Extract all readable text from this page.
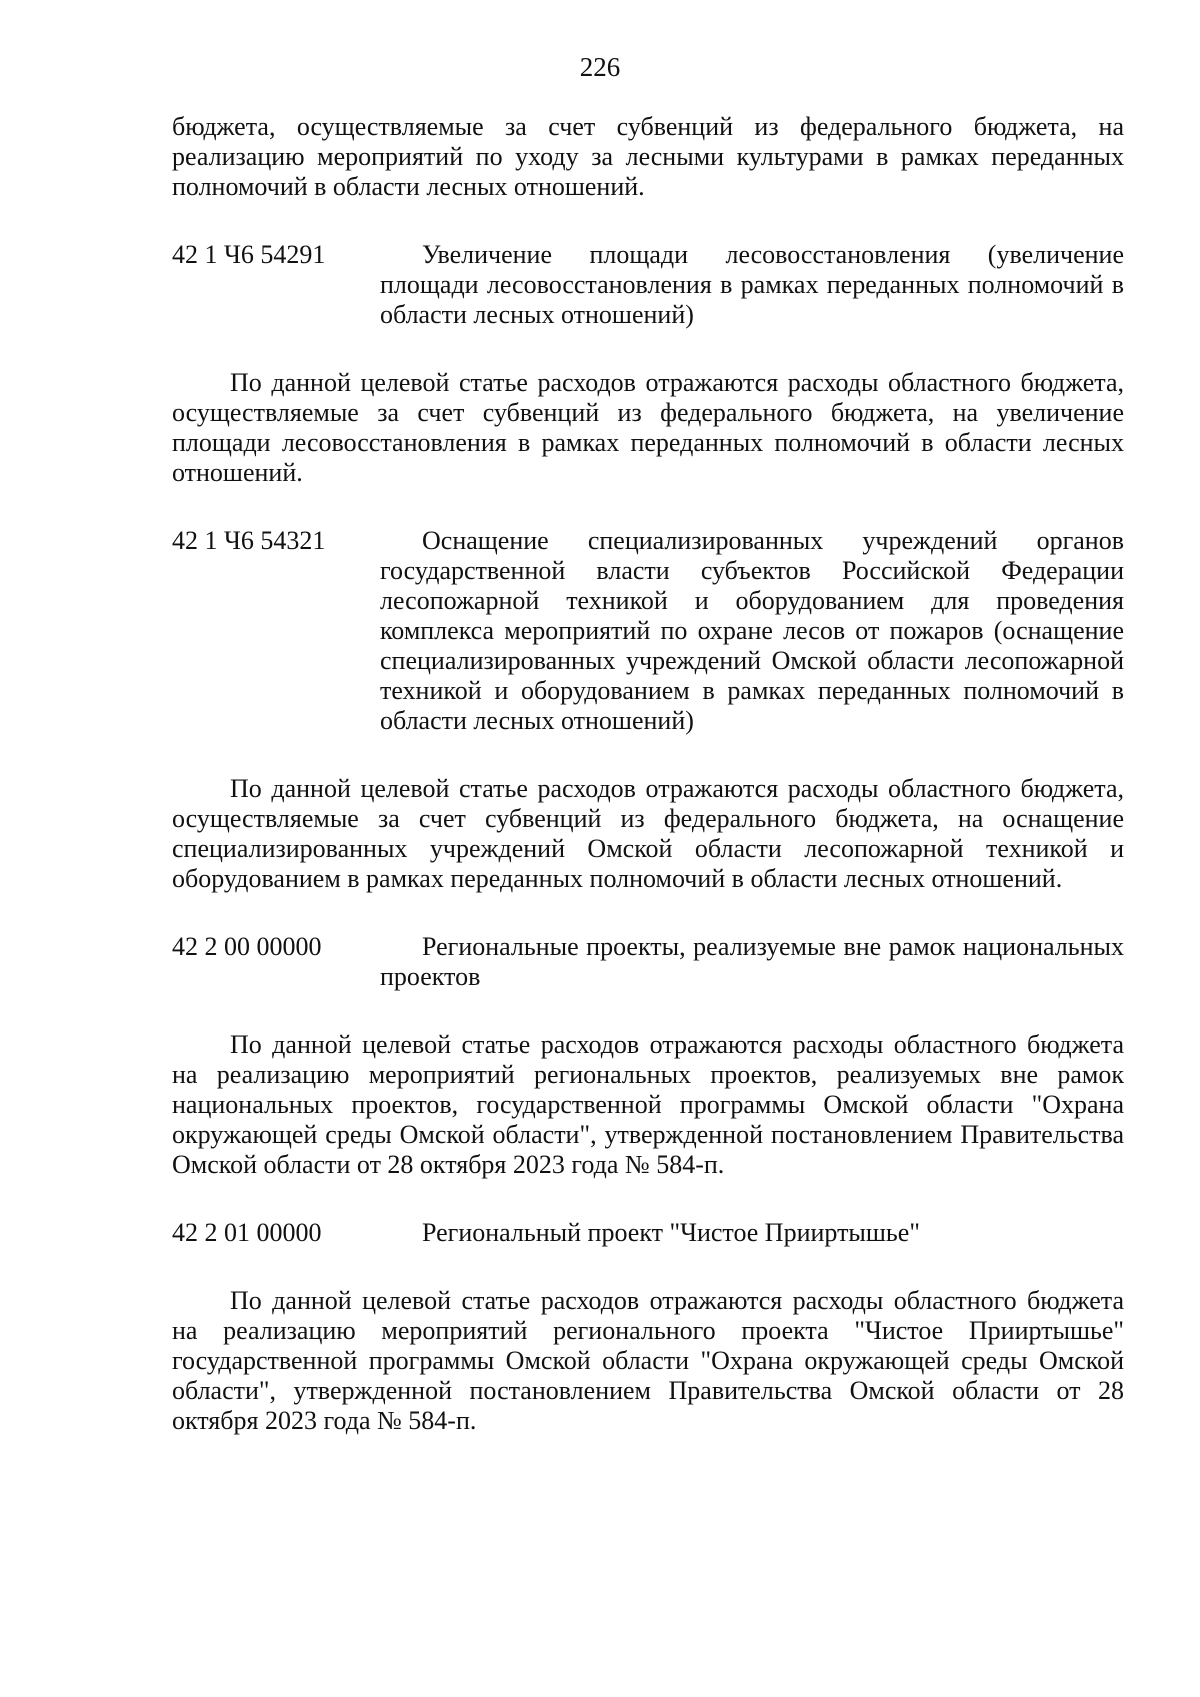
226

бюджета, осуществляемые за счет субвенций из федерального бюджета, на реализацию мероприятий по уходу за лесными культурами в рамках переданных полномочий в области лесных отношений.

42 1 Ч6 54291	Увеличение площади лесовосстановления (увеличение площади лесовосстановления в рамках переданных полномочий в области лесных отношений)

По данной целевой статье расходов отражаются расходы областного бюджета, осуществляемые за счет субвенций из федерального бюджета, на увеличение площади лесовосстановления в рамках переданных полномочий в области лесных отношений.

42 1 Ч6 54321	Оснащение специализированных учреждений органов государственной власти субъектов Российской Федерации лесопожарной техникой и оборудованием для проведения комплекса мероприятий по охране лесов от пожаров (оснащение специализированных учреждений Омской области лесопожарной техникой и оборудованием в рамках переданных полномочий в области лесных отношений)

По данной целевой статье расходов отражаются расходы областного бюджета, осуществляемые за счет субвенций из федерального бюджета, на оснащение специализированных учреждений Омской области лесопожарной техникой и оборудованием в рамках переданных полномочий в области лесных отношений.

42 2 00 00000	Региональные проекты, реализуемые вне рамок национальных проектов

По данной целевой статье расходов отражаются расходы областного бюджета на реализацию мероприятий региональных проектов, реализуемых вне рамок национальных проектов, государственной программы Омской области "Охрана окружающей среды Омской области", утвержденной постановлением Правительства Омской области от 28 октября 2023 года № 584-п.

42 2 01 00000	Региональный проект "Чистое Прииртышье"

По данной целевой статье расходов отражаются расходы областного бюджета на реализацию мероприятий регионального проекта "Чистое Прииртышье" государственной программы Омской области "Охрана окружающей среды Омской области", утвержденной постановлением Правительства Омской области от 28 октября 2023 года № 584-п.
